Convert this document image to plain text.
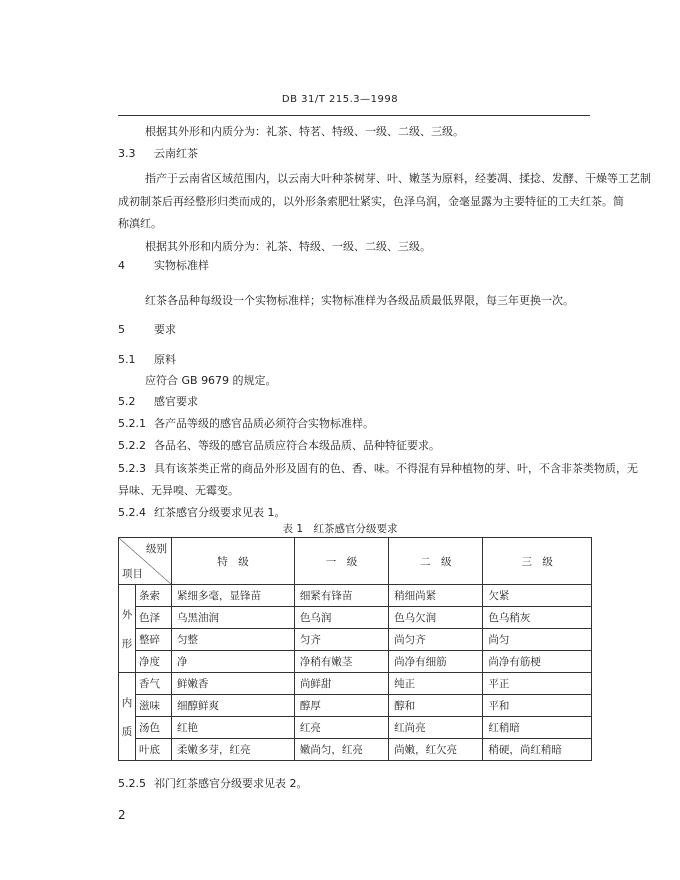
DB 31/T 215.3—1998
根据其外形和内质分为：礼茶、特茗、特级、一级、二级、三级。
3.3 云南红茶
指产于云南省区域范围内，以云南大叶种茶树芽、叶、嫩茎为原料，经萎凋、揉捻、发酵、干燥等工艺制
成初制茶后再经整形归类而成的，以外形条索肥壮紧实，色泽乌润，金毫显露为主要特征的工夫红茶。简
称滇红。
根据其外形和内质分为：礼茶、特级、一级、二级、三级。
4	实物标准样
红茶各品种每级设一个实物标准样；实物标准样为各级品质最低界限，每三年更换一次。
5	要求
5.1 原料
应符合 GB 9679 的规定。
5.2 感官要求
5.2.1 各产品等级的感官品质必须符合实物标准样。
5.2.2 各品名、等级的感官品质应符合本级品质、品种特征要求。
5.2.3 具有该茶类正常的商品外形及固有的色、香、味。不得混有异种植物的芽、叶，不含非茶类物质，无
异味、无异嗅、无霉变。
5.2.4 红茶感官分级要求见表 1。
表 1　红茶感官分级要求
级别
项目		特　级	一　级	二　级	三　级

外
形	条索	紧细多毫，显锋苗	细紧有锋苗	稍细尚紧	欠紧
	色泽	乌黑油润	色乌润	色乌欠润	色乌稍灰
	整碎	匀整	匀齐	尚匀齐	尚匀
	净度	净	净稍有嫩茎	尚净有细筋	尚净有筋梗

内
质	香气	鲜嫩香	尚鲜甜	纯正	平正
	滋味	细醇鲜爽	醇厚	醇和	平和
	汤色	红艳	红亮	红尚亮	红稍暗
	叶底	柔嫩多芽，红亮	嫩尚匀，红亮	尚嫩，红欠亮	稍硬，尚红稍暗
5.2.5 祁门红茶感官分级要求见表 2。
2
